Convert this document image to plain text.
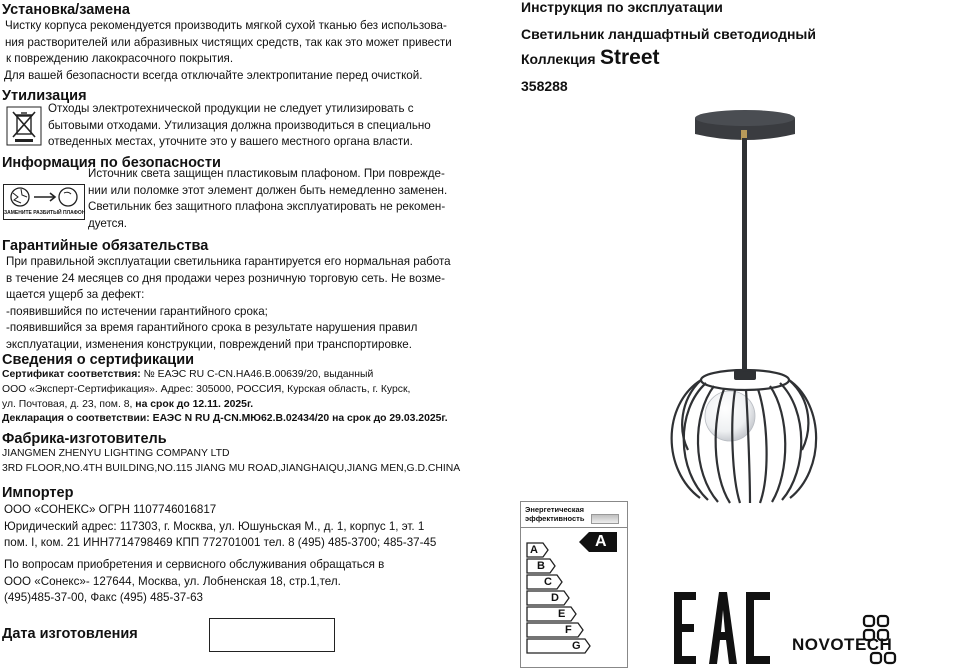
Установка/замена
Чистку корпуса рекомендуется производить мягкой сухой тканью без использова-
ния растворителей или абразивных чистящих средств, так как это может привести
к повреждению лакокрасочного покрытия.
Для вашей безопасности всегда отключайте электропитание перед очисткой.
Утилизация
Отходы электротехнической продукции не следует утилизировать с
бытовыми отходами. Утилизация должна производиться в специально
отведенных местах, уточните это у вашего местного органа власти.
Информация по безопасности
ЗАМЕНИТЕ РАЗБИТЫЙ ПЛАФОН
Источник света защищен пластиковым плафоном. При поврежде-
нии или поломке этот элемент должен быть немедленно заменен.
Светильник без защитного плафона эксплуатировать не рекомен-
дуется.
Гарантийные обязательства
При правильной эксплуатации светильника гарантируется его нормальная работа
в течение 24 месяцев со дня продажи через розничную торговую сеть. Не возме-
щается ущерб за дефект:
-появившийся по истечении гарантийного срока;
-появившийся за время гарантийного срока в результате нарушения правил
эксплуатации, изменения конструкции, повреждений при транспортировке.
Сведения о сертификации
Сертификат соответствия: № ЕАЭС RU С-CN.НА46.В.00639/20, выданный
ООО «Эксперт-Сертификация». Адрес: 305000, РОССИЯ, Курская область, г. Курск,
ул. Почтовая, д. 23, пом. 8, на срок до 12.11. 2025г.
Декларация о соответствии: ЕАЭС N RU Д-CN.МЮ62.В.02434/20 на срок до 29.03.2025г.
Фабрика-изготовитель
JIANGMEN ZHENYU LIGHTING COMPANY LTD
3RD FLOOR,NO.4TH BUILDING,NO.115 JIANG MU ROAD,JIANGHAIQU,JIANG MEN,G.D.CHINA
Импортер
ООО «СОНЕКС» ОГРН 1107746016817
Юридический адрес: 117303, г. Москва, ул. Юшуньская М., д. 1, корпус 1, эт. 1
пом. I, ком. 21 ИНН7714798469 КПП 772701001 тел. 8 (495) 485-3700; 485-37-45
По вопросам приобретения и сервисного обслуживания обращаться в
ООО «Сонекс»- 127644, Москва, ул. Лобненская 18, стр.1,тел.
(495)485-37-00, Факс (495) 485-37-63
Дата изготовления
Инструкция по эксплуатации
Светильник ландшафтный светодиодный
Коллекция Street
358288
Энергетическая
эффективность
A
B
C
D
E
F
G
A
NOVOTECH
